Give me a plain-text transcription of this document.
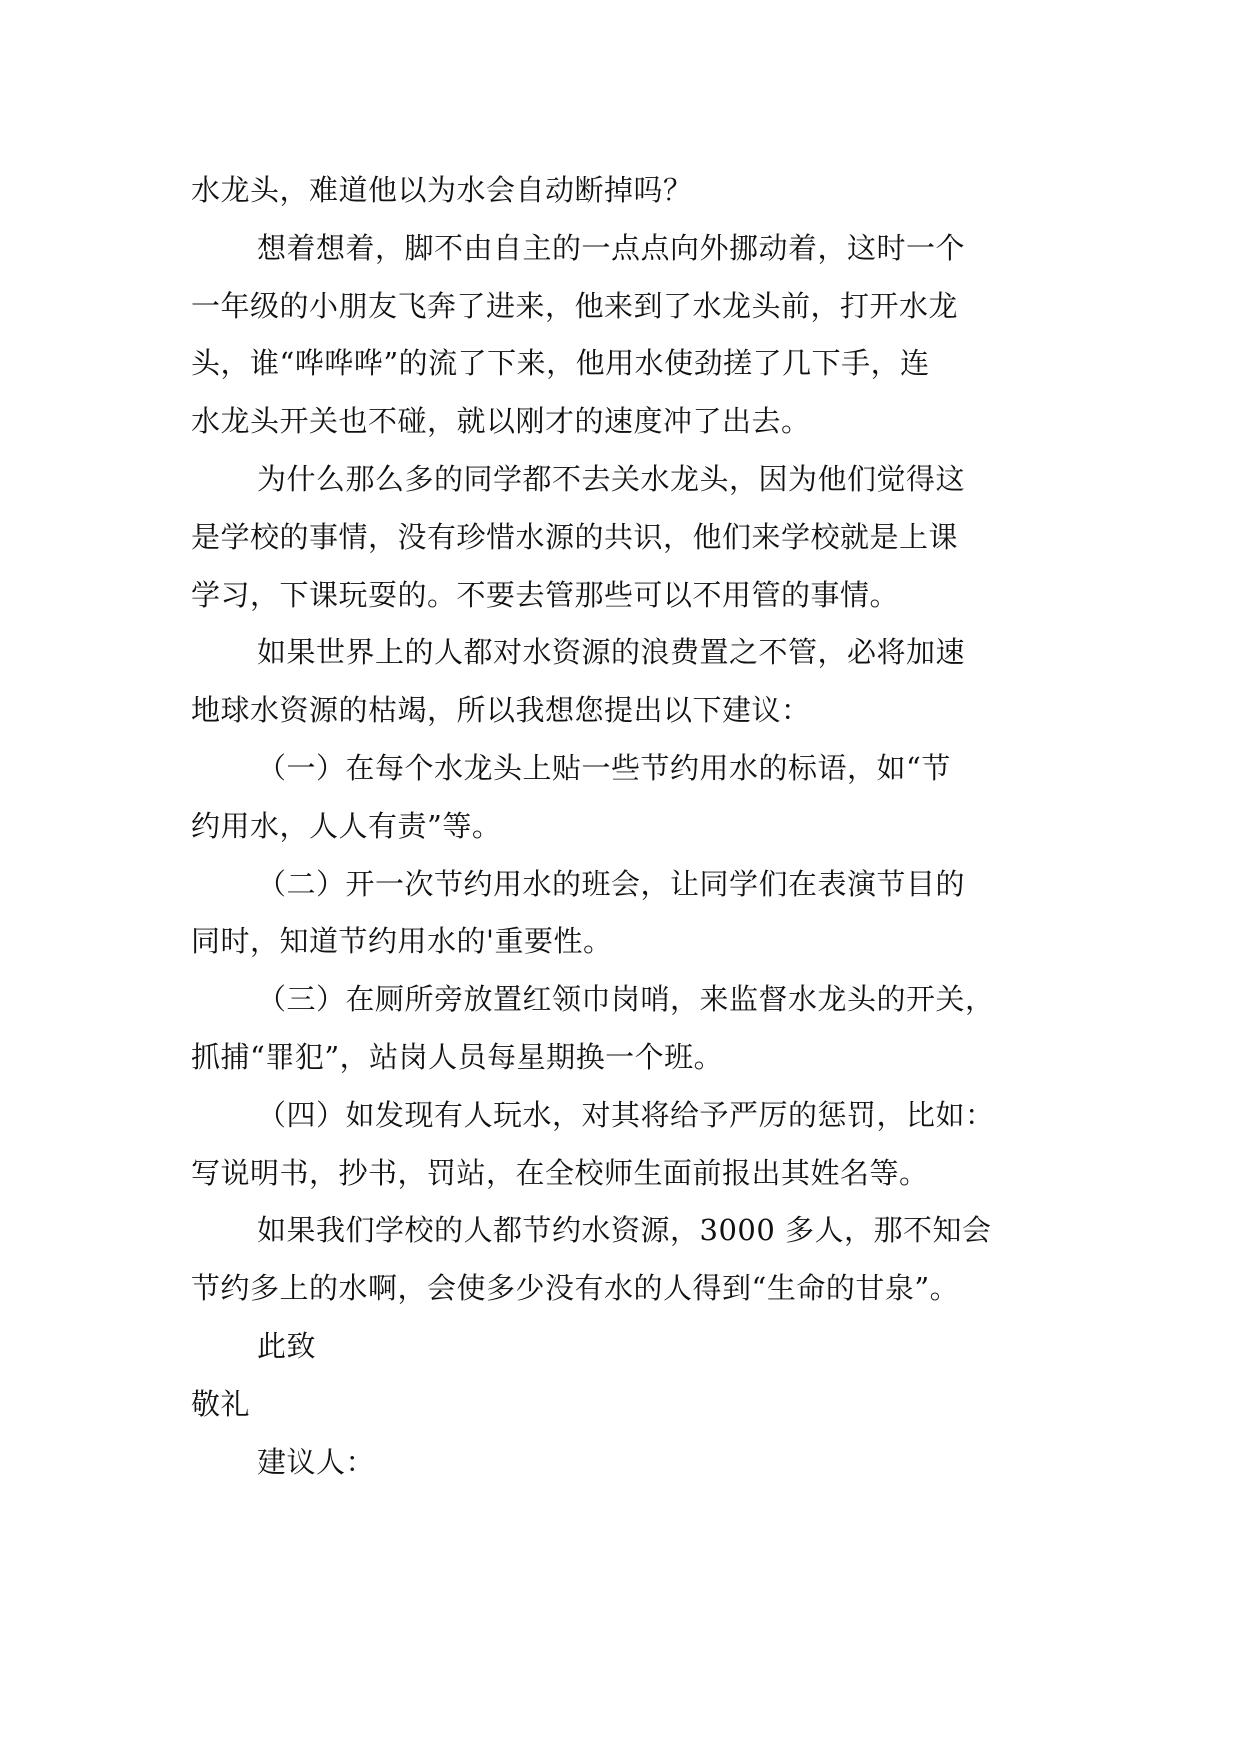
水龙头，难道他以为水会自动断掉吗？
想着想着，脚不由自主的一点点向外挪动着，这时一个
一年级的小朋友飞奔了进来，他来到了水龙头前，打开水龙
头，谁“哗哗哗”的流了下来，他用水使劲搓了几下手，连
水龙头开关也不碰，就以刚才的速度冲了出去。
为什么那么多的同学都不去关水龙头，因为他们觉得这
是学校的事情，没有珍惜水源的共识，他们来学校就是上课
学习，下课玩耍的。不要去管那些可以不用管的事情。
如果世界上的人都对水资源的浪费置之不管，必将加速
地球水资源的枯竭，所以我想您提出以下建议：
（一）在每个水龙头上贴一些节约用水的标语，如“节
约用水，人人有责”等。
（二）开一次节约用水的班会，让同学们在表演节目的
同时，知道节约用水的'重要性。
（三）在厕所旁放置红领巾岗哨，来监督水龙头的开关，
抓捕“罪犯”，站岗人员每星期换一个班。
（四）如发现有人玩水，对其将给予严厉的惩罚，比如：
写说明书，抄书，罚站，在全校师生面前报出其姓名等。
如果我们学校的人都节约水资源，3000 多人，那不知会
节约多上的水啊，会使多少没有水的人得到“生命的甘泉”。
此致
敬礼
建议人：
